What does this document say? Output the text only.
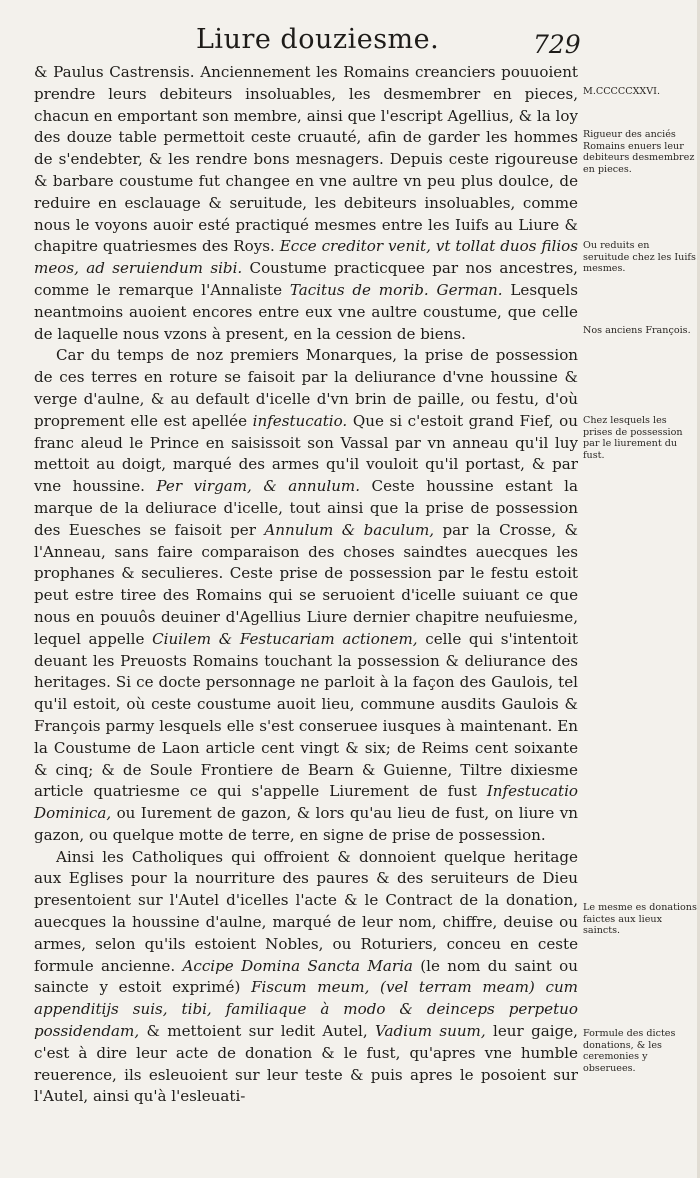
Liure douziesme.	729

& Paulus Castrensis. Anciennement les Romains creanciers pouuoient prendre leurs debiteurs insoluables, les desmembrer en pieces, chacun en emportant son membre, ainsi que l'escript Agellius, & la loy des douze table permettoit ceste cruauté, afin de garder les hommes de s'endebter, & les rendre bons mesnagers. Depuis ceste rigoureuse & barbare coustume fut changee en vne aultre vn peu plus doulce, de reduire en esclauage & seruitude, les debiteurs insoluables, comme nous le voyons auoir esté practiqué mesmes entre les Iuifs au Liure & chapitre quatriesmes des Roys. Ecce creditor venit, vt tollat duos filios meos, ad seruiendum sibi. Coustume practicquee par nos ancestres, comme le remarque l'Annaliste Tacitus de morib. German. Lesquels neantmoins auoient encores entre eux vne aultre coustume, que celle de laquelle nous vzons à present, en la cession de biens.

Car du temps de noz premiers Monarques, la prise de possession de ces terres en roture se faisoit par la deliurance d'vne houssine & verge d'aulne, & au default d'icelle d'vn brin de paille, ou festu, d'où proprement elle est apellée infestucatio. Que si c'estoit grand Fief, ou franc aleud le Prince en saisissoit son Vassal par vn anneau qu'il luy mettoit au doigt, marqué des armes qu'il vouloit qu'il portast, & par vne houssine. Per virgam, & annulum. Ceste houssine estant la marque de la deliurace d'icelle, tout ainsi que la prise de possession des Euesches se faisoit per Annulum & baculum, par la Crosse, & l'Anneau, sans faire comparaison des choses saindtes auecques les prophanes & seculieres. Ceste prise de possession par le festu estoit peut estre tiree des Romains qui se seruoient d'icelle suiuant ce que nous en pouuôs deuiner d'Agellius Liure dernier chapitre neufuiesme, lequel appelle Ciuilem & Festucariam actionem, celle qui s'intentoit deuant les Preuosts Romains touchant la possession & deliurance des heritages. Si ce docte personnage ne parloit à la façon des Gaulois, tel qu'il estoit, où ceste coustume auoit lieu, commune ausdits Gaulois & François parmy lesquels elle s'est conseruee iusques à maintenant. En la Coustume de Laon article cent vingt & six; de Reims cent soixante & cinq; & de Soule Frontiere de Bearn & Guienne, Tiltre dixiesme article quatriesme ce qui s'appelle Liurement de fust Infestucatio Dominica, ou Iurement de gazon, & lors qu'au lieu de fust, on liure vn gazon, ou quelque motte de terre, en signe de prise de possession.

Ainsi les Catholiques qui offroient & donnoient quelque heritage aux Eglises pour la nourriture des paures & des seruiteurs de Dieu presentoient sur l'Autel d'icelles l'acte & le Contract de la donation, auecques la houssine d'aulne, marqué de leur nom, chiffre, deuise ou armes, selon qu'ils estoient Nobles, ou Roturiers, conceu en ceste formule ancienne. Accipe Domina Sancta Maria (le nom du saint ou saincte y estoit exprimé) Fiscum meum, (vel terram meam) cum appenditijs suis, tibi, familiaque à modo & deinceps perpetuo possidendam, & mettoient sur ledit Autel, Vadium suum, leur gaige, c'est à dire leur acte de donation & le fust, qu'apres vne humble reuerence, ils esleuoient sur leur teste & puis apres le posoient sur l'Autel, ainsi qu'à l'esleuati-

M.CCCCCXXVI.
Rigueur des anciés Romains enuers leur debiteurs desmembrez en pieces.
Ou reduits en seruitude chez les Iuifs mesmes.
Nos anciens François.
Chez lesquels les prises de possession par le liurement du fust.
Le mesme es donations faictes aux lieux saincts.
Formule des dictes donations, & les ceremonies y obseruees.
